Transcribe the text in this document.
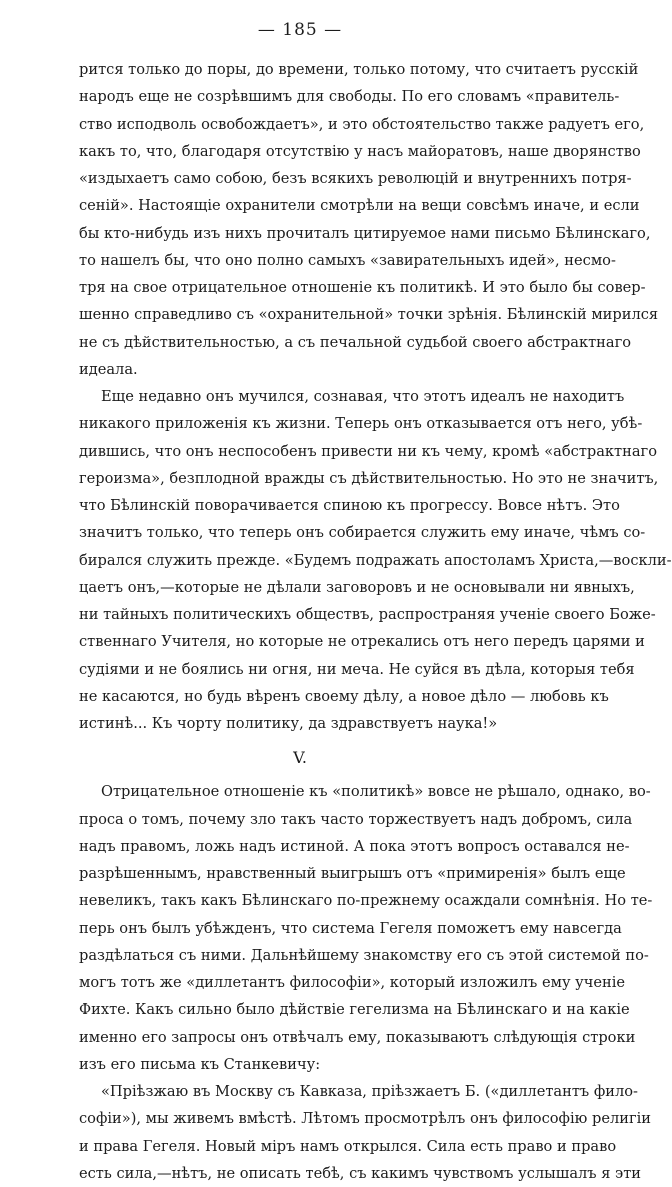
— 185 —
рится только до поры, до времени, только потому, что считаетъ русскій
народъ еще не созрѣвшимъ для свободы. По его словамъ «правитель-
ство исподволь освобождаетъ», и это обстоятельство также радуетъ его,
какъ то, что, благодаря отсутствію у насъ майоратовъ, наше дворянство
«издыхаетъ само собою, безъ всякихъ революцій и внутреннихъ потря-
сеній». Настоящіе охранители смотрѣли на вещи совсѣмъ иначе, и если
бы кто-нибудь изъ нихъ прочиталъ цитируемое нами письмо Бѣлинскаго,
то нашелъ бы, что оно полно самыхъ «завирательныхъ идей», несмо-
тря на свое отрицательное отношеніе къ политикѣ. И это было бы совер-
шенно справедливо съ «охранительной» точки зрѣнія. Бѣлинскій мирился
не съ дѣйствительностью, а съ печальной судьбой своего абстрактнаго
идеала.
Еще недавно онъ мучился, сознавая, что этотъ идеалъ не находитъ
никакого приложенія къ жизни. Теперь онъ отказывается отъ него, убѣ-
дившись, что онъ неспособенъ привести ни къ чему, кромѣ «абстрактнаго
героизма», безплодной вражды съ дѣйствительностью. Но это не значитъ,
что Бѣлинскій поворачивается спиною къ прогрессу. Вовсе нѣтъ. Это
значитъ только, что теперь онъ собирается служить ему иначе, чѣмъ со-
бирался служить прежде. «Будемъ подражать апостоламъ Христа,—воскли-
цаетъ онъ,—которые не дѣлали заговоровъ и не основывали ни явныхъ,
ни тайныхъ политическихъ обществъ, распространяя ученіе своего Боже-
ственнаго Учителя, но которые не отрекались отъ него передъ царями и
судіями и не боялись ни огня, ни меча. Не суйся въ дѣла, которыя тебя
не касаются, но будь вѣренъ своему дѣлу, а новое дѣло — любовь къ
истинѣ... Къ чорту политику, да здравствуетъ наука!»
V.
Отрицательное отношеніе къ «политикѣ» вовсе не рѣшало, однако, во-
проса о томъ, почему зло такъ часто торжествуетъ надъ добромъ, сила
надъ правомъ, ложь надъ истиной. А пока этотъ вопросъ оставался не-
разрѣшеннымъ, нравственный выигрышъ отъ «примиренія» былъ еще
невеликъ, такъ какъ Бѣлинскаго по-прежнему осаждали сомнѣнія. Но те-
перь онъ былъ убѣжденъ, что система Гегеля поможетъ ему навсегда
раздѣлаться съ ними. Дальнѣйшему знакомству его съ этой системой по-
могъ тотъ же «диллетантъ философіи», который изложилъ ему ученіе
Фихте. Какъ сильно было дѣйствіе гегелизма на Бѣлинскаго и на какіе
именно его запросы онъ отвѣчалъ ему, показываютъ слѣдующія строки
изъ его письма къ Станкевичу:
«Пріѣзжаю въ Москву съ Кавказа, пріѣзжаетъ Б. («диллетантъ фило-
софіи»), мы живемъ вмѣстѣ. Лѣтомъ просмотрѣлъ онъ философію религіи
и права Гегеля. Новый міръ намъ открылся. Сила есть право и право
есть сила,—нѣтъ, не описать тебѣ, съ какимъ чувствомъ услышалъ я эти
